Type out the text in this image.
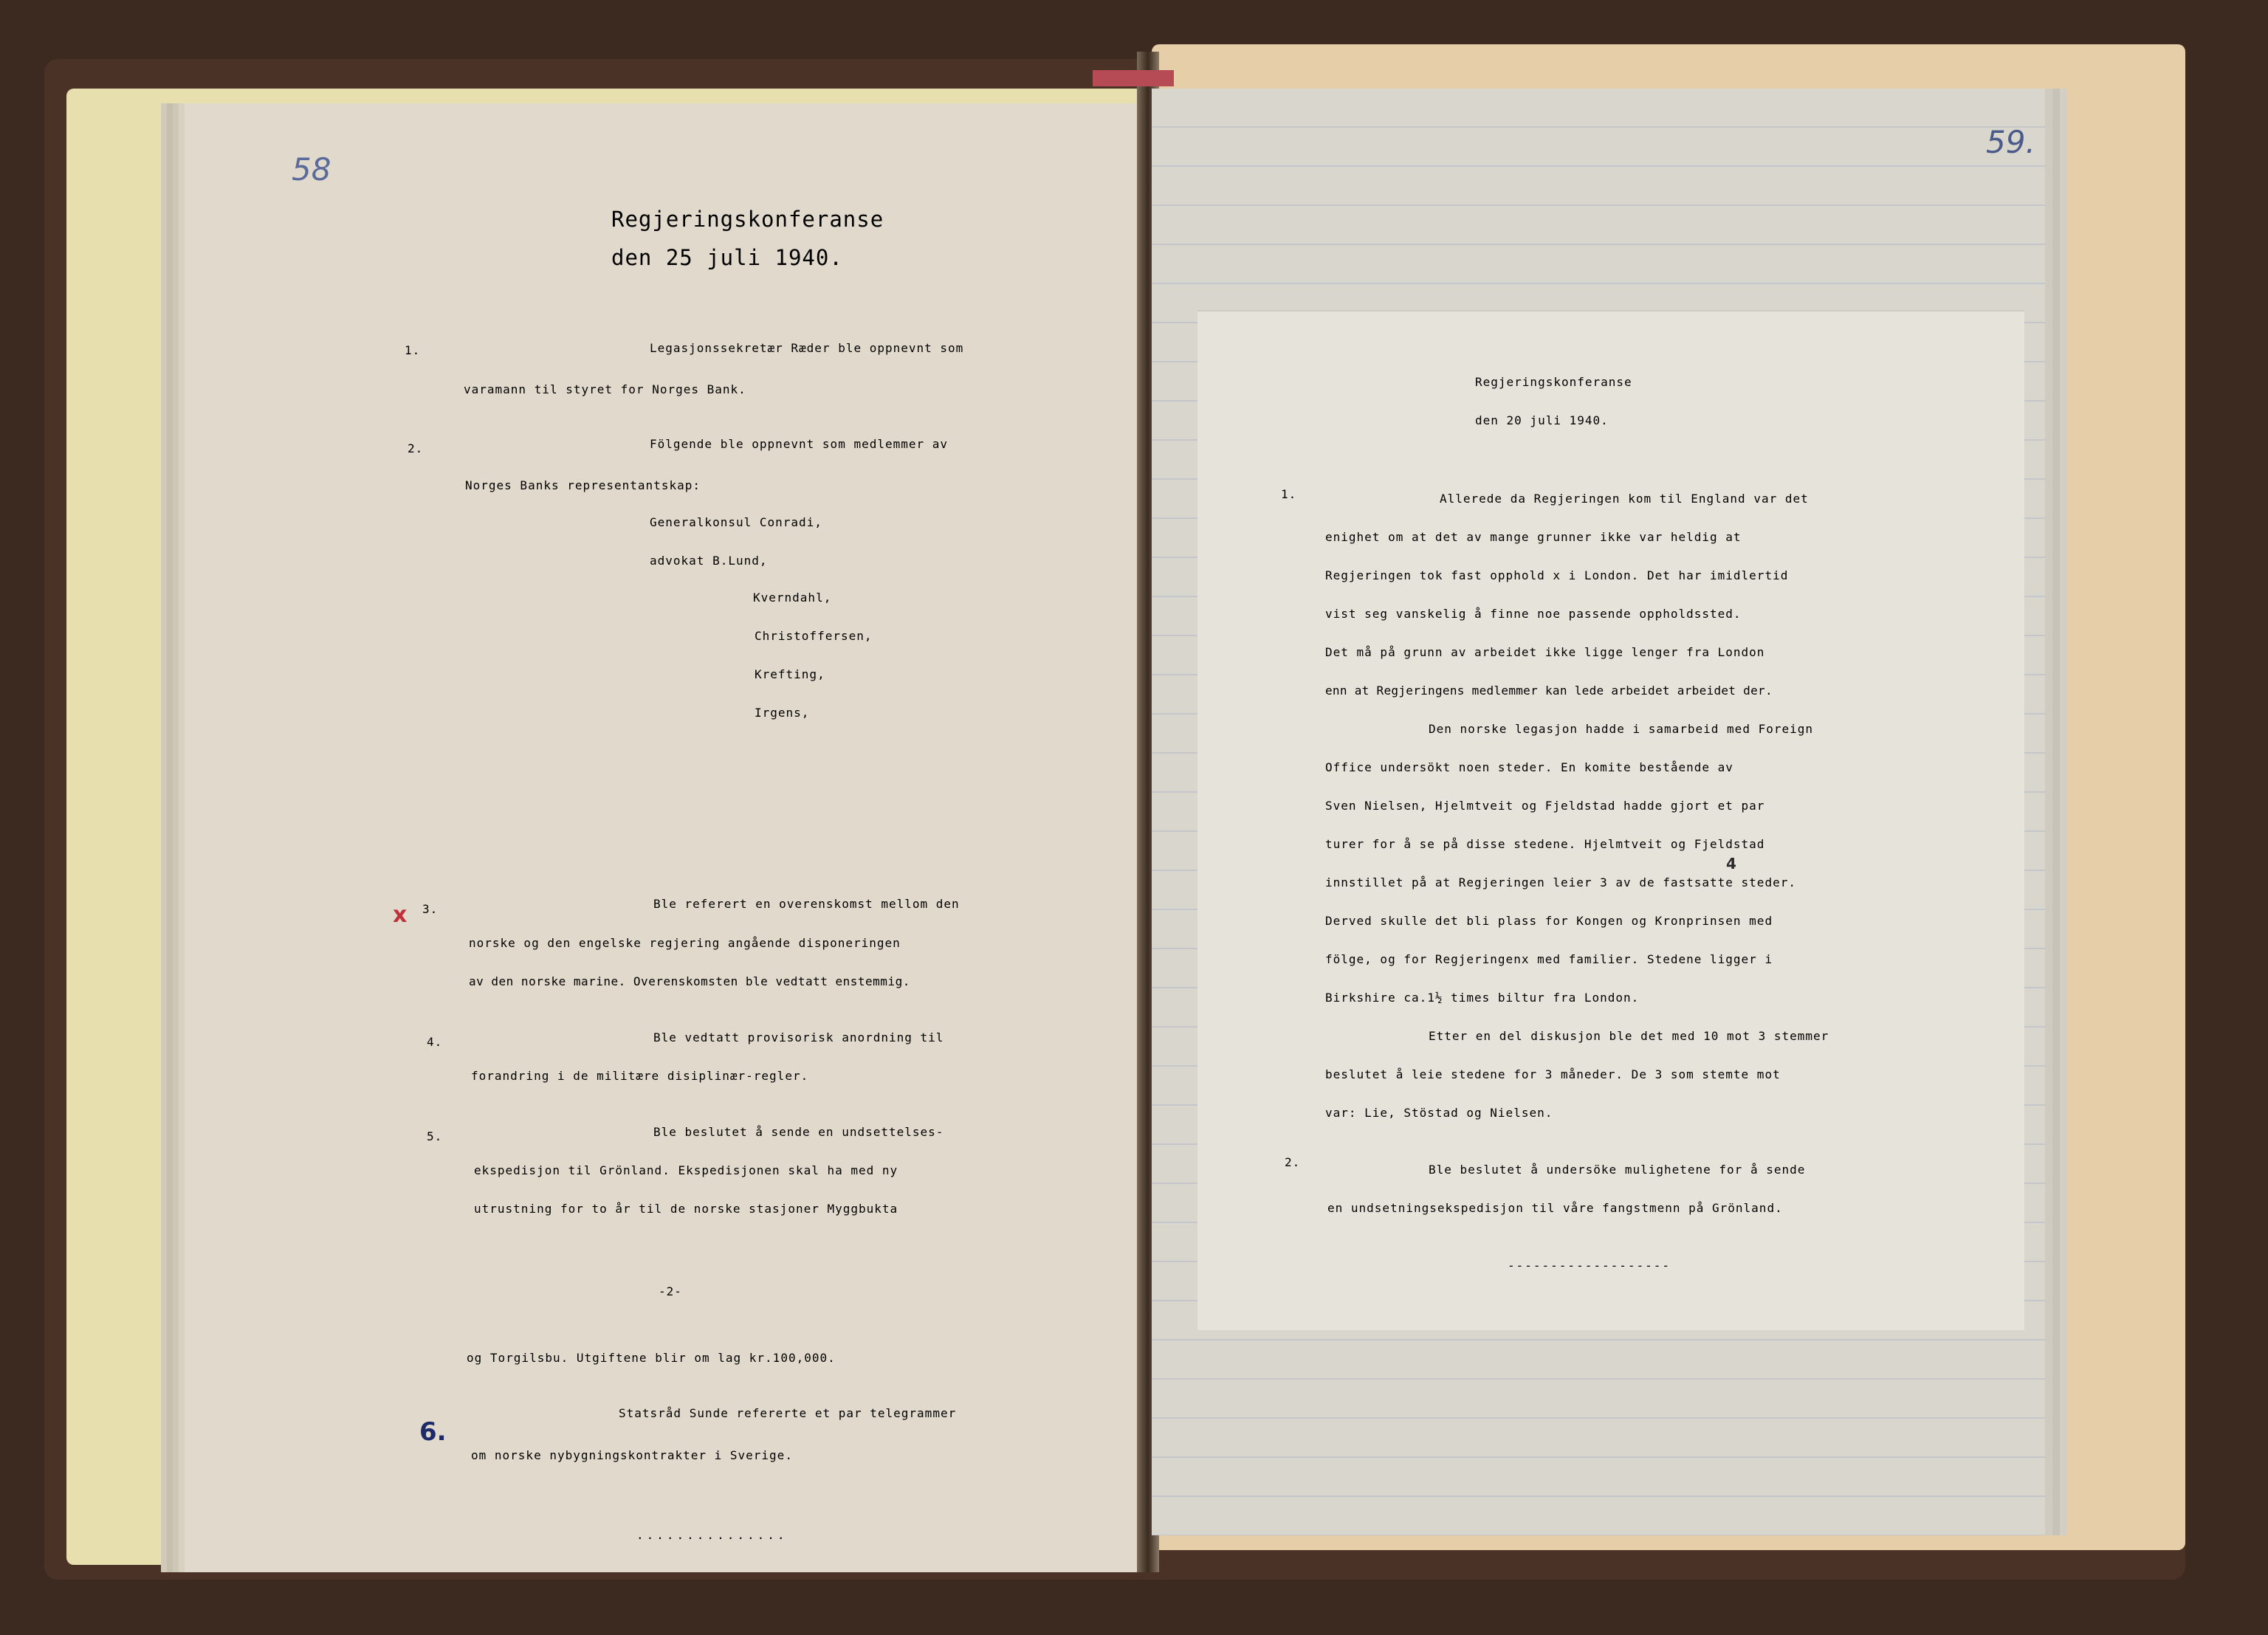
58
Regjeringskonferanse
den 25 juli 1940.
1.	Legasjonssekretær Ræder ble oppnevnt som
varamann til styret for Norges Bank.
2.	Fölgende ble oppnevnt som medlemmer av
Norges Banks representantskap:
Generalkonsul Conradi,
advokat B.Lund,
Kverndahl,
Christoffersen,
Krefting,
Irgens,
x 3.	Ble referert en overenskomst mellom den
norske og den engelske regjering angående disponeringen
av den norske marine. Overenskomsten ble vedtatt enstemmig.
4.	Ble vedtatt provisorisk anordning til
forandring i de militære disiplinær-regler.
5.	Ble beslutet å sende en undsettelses-
ekspedisjon til Grönland. Ekspedisjonen skal ha med ny
utrustning for to år til de norske stasjoner Myggbukta
-2-
og Torgilsbu. Utgiftene blir om lag kr.100,000.
6.
Statsråd Sunde refererte et par telegrammer
om norske nybygningskontrakter i Sverige.
...............
59.
Regjeringskonferanse
den 20 juli 1940.
1.	Allerede da Regjeringen kom til England var det
enighet om at det av mange grunner ikke var heldig at
Regjeringen tok fast opphold x i London. Det har imidlertid
vist seg vanskelig å finne noe passende oppholdssted.
Det må på grunn av arbeidet ikke ligge lenger fra London
enn at Regjeringens medlemmer kan lede arbeidet arbeidet der.
Den norske legasjon hadde i samarbeid med Foreign
Office undersökt noen steder. En komite bestående av
Sven Nielsen, Hjelmtveit og Fjeldstad hadde gjort et par
turer for å se på disse stedene. Hjelmtveit og Fjeldstad
4
innstillet på at Regjeringen leier 3 av de fastsatte steder.
Derved skulle det bli plass for Kongen og Kronprinsen med
fölge, og for Regjeringenx med familier. Stedene ligger i
Birkshire ca.1½ times biltur fra London.
Etter en del diskusjon ble det med 10 mot 3 stemmer
beslutet å leie stedene for 3 måneder. De 3 som stemte mot
var: Lie, Stöstad og Nielsen.
2.
Ble beslutet å undersöke mulighetene for å sende
en undsetningsekspedisjon til våre fangstmenn på Grönland.
-------------------
